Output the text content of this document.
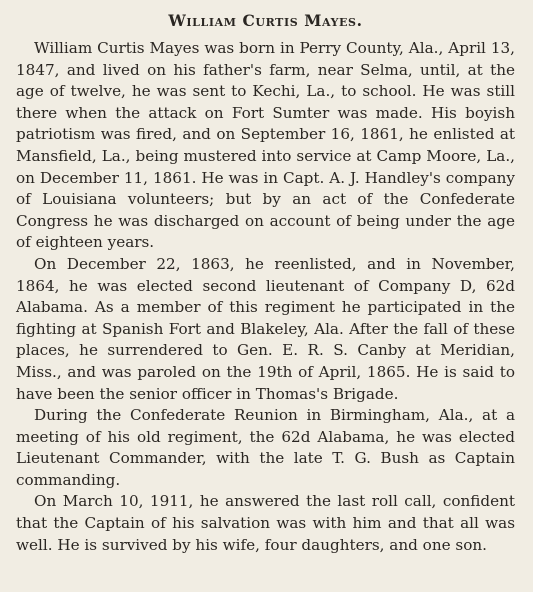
William Curtis Mayes.

William Curtis Mayes was born in Perry County, Ala., April 13, 1847, and lived on his father's farm, near Selma, until, at the age of twelve, he was sent to Kechi, La., to school. He was still there when the attack on Fort Sumter was made. His boyish patriotism was fired, and on September 16, 1861, he enlisted at Mansfield, La., being mustered into service at Camp Moore, La., on December 11, 1861. He was in Capt. A. J. Handley's company of Louisiana volunteers; but by an act of the Confederate Congress he was discharged on account of being under the age of eighteen years.

On December 22, 1863, he reenlisted, and in November, 1864, he was elected second lieutenant of Company D, 62d Alabama. As a member of this regiment he participated in the fighting at Spanish Fort and Blakeley, Ala. After the fall of these places, he surrendered to Gen. E. R. S. Canby at Meridian, Miss., and was paroled on the 19th of April, 1865. He is said to have been the senior officer in Thomas's Brigade.

During the Confederate Reunion in Birmingham, Ala., at a meeting of his old regiment, the 62d Alabama, he was elected Lieutenant Commander, with the late T. G. Bush as Captain commanding.

On March 10, 1911, he answered the last roll call, confident that the Captain of his salvation was with him and that all was well. He is survived by his wife, four daughters, and one son.
